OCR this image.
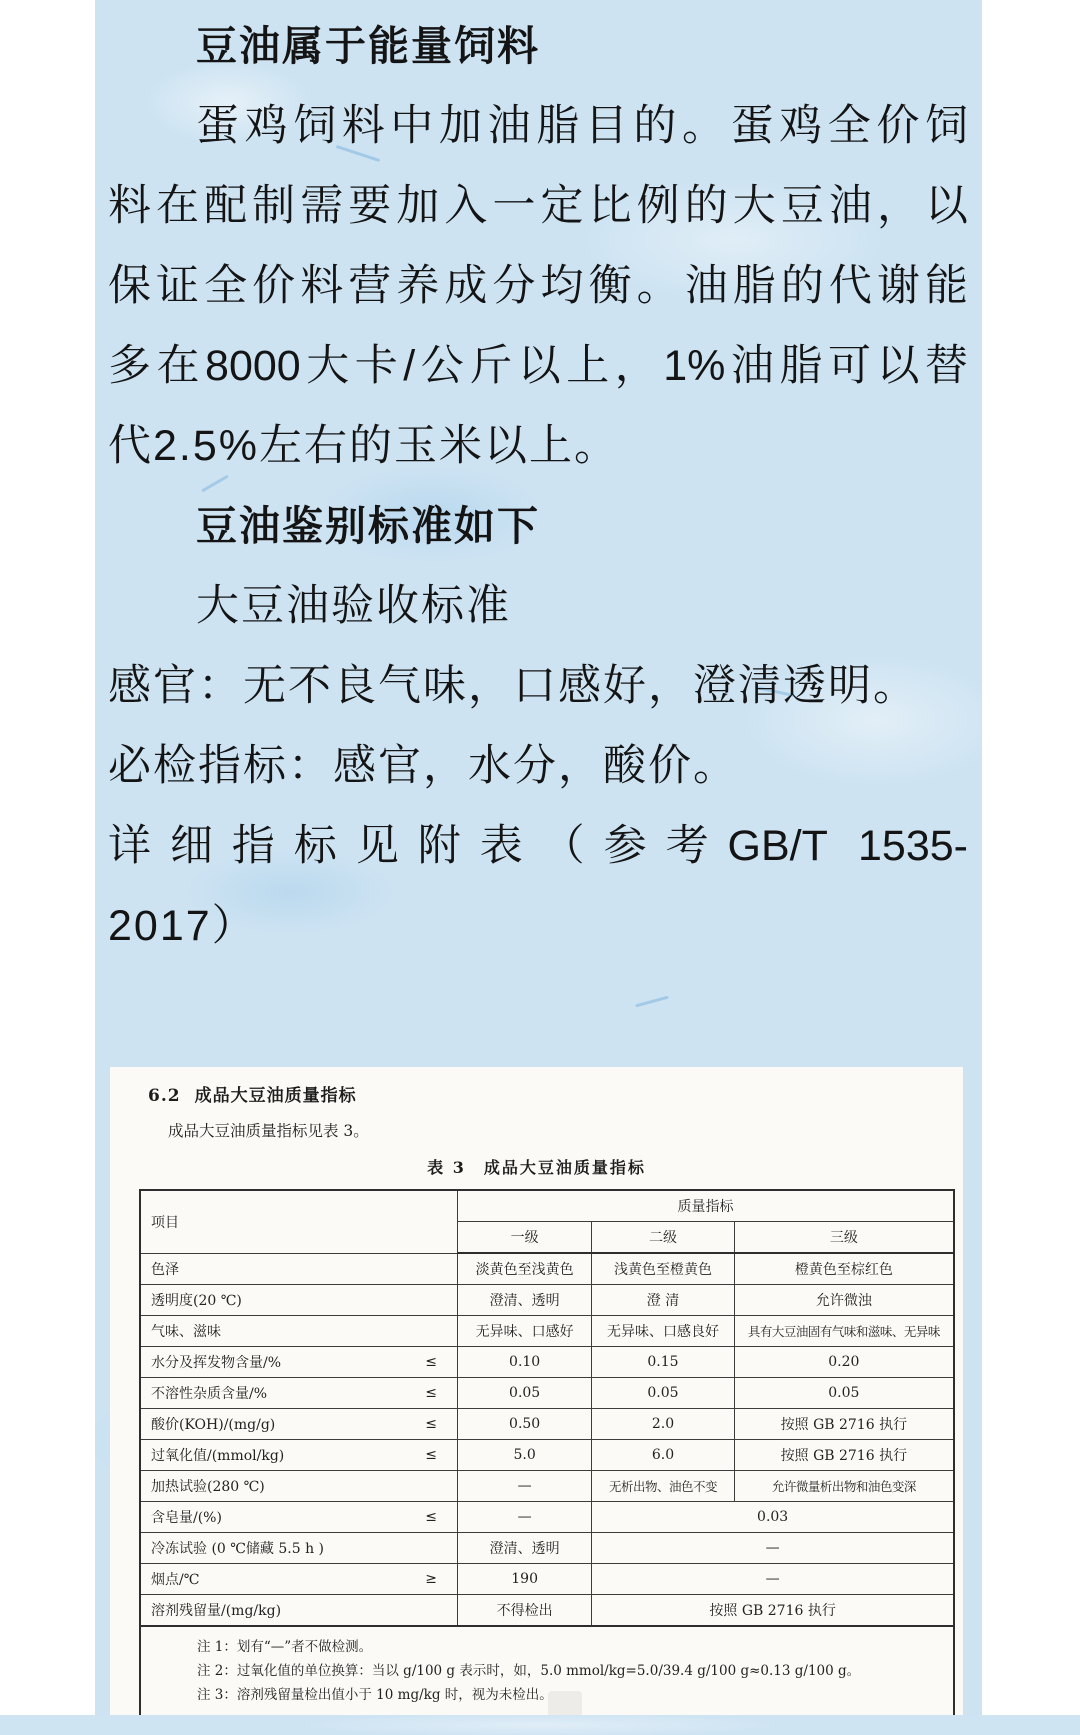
豆油属于能量饲料
蛋鸡饲料中加油脂目的。蛋鸡全价饲
料在配制需要加入一定比例的大豆油，以
保证全价料营养成分均衡。油脂的代谢能
多在8000大卡/公斤以上，1%油脂可以替
代2.5%左右的玉米以上。
豆油鉴别标准如下
大豆油验收标准
感官：无不良气味，口感好，澄清透明。
必检指标：感官，水分，酸价。
详细指标见附表（参考GB/T 1535-
2017）
6.2 成品大豆油质量指标
成品大豆油质量指标见表 3。
表 3　成品大豆油质量指标
项目	质量指标		
	一级	二级	三级
色泽	淡黄色至浅黄色	浅黄色至橙黄色	橙黄色至棕红色
透明度(20 ℃)	澄清、透明	澄 清	允许微浊
气味、滋味	无异味、口感好	无异味、口感良好	具有大豆油固有气味和滋味、无异味

水分及挥发物含量/% ≤	0.10	0.15	0.20

不溶性杂质含量/% ≤	0.05	0.05	0.05

酸价(KOH)/(mg/g) ≤	0.50	2.0	按照 GB 2716 执行

过氧化值/(mmol/kg) ≤	5.0	6.0	按照 GB 2716 执行
加热试验(280 ℃)	—	无析出物、油色不变	允许微量析出物和油色变深

含皂量/(%) ≤	—	0.03	
冷冻试验 (0 ℃储藏 5.5 h )	澄清、透明	—	

烟点/℃ ≥	190	—	
溶剂残留量/(mg/kg)	不得检出	按照 GB 2716 执行	

注 1：划有“—”者不做检测。
注 2：过氧化值的单位换算：当以 g/100 g 表示时，如，5.0 mmol/kg=5.0/39.4 g/100 g≈0.13 g/100 g。
注 3：溶剂残留量检出值小于 10 mg/kg 时，视为未检出。			
